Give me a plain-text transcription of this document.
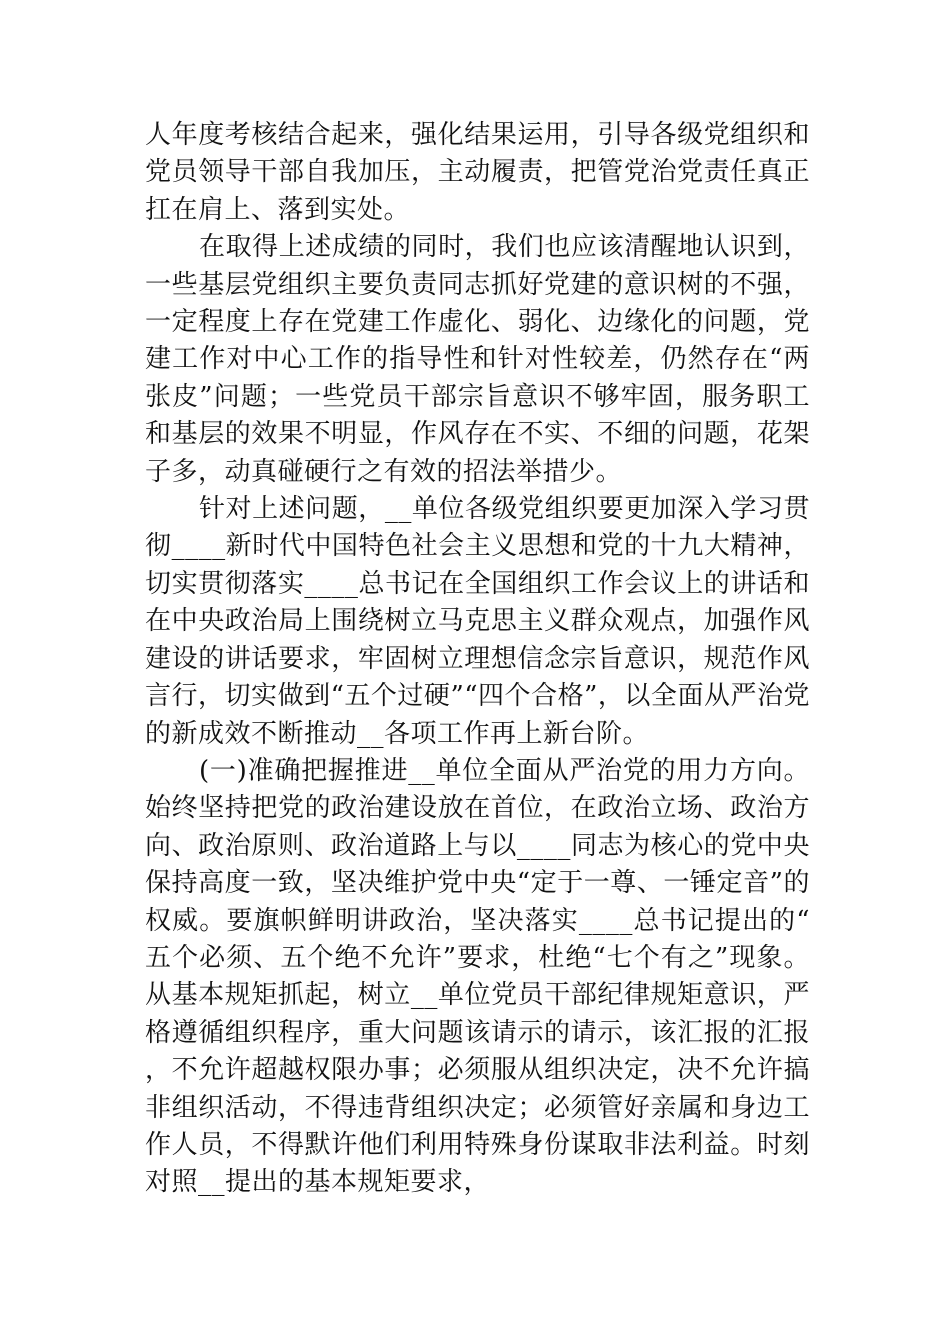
人年度考核结合起来，强化结果运用，引导各级党组织和党员领导干部自我加压，主动履责，把管党治党责任真正扛在肩上、落到实处。

在取得上述成绩的同时，我们也应该清醒地认识到，一些基层党组织主要负责同志抓好党建的意识树的不强，一定程度上存在党建工作虚化、弱化、边缘化的问题，党建工作对中心工作的指导性和针对性较差，仍然存在“两张皮”问题；一些党员干部宗旨意识不够牢固，服务职工和基层的效果不明显，作风存在不实、不细的问题，花架子多，动真碰硬行之有效的招法举措少。

针对上述问题，__单位各级党组织要更加深入学习贯彻____新时代中国特色社会主义思想和党的十九大精神，切实贯彻落实____总书记在全国组织工作会议上的讲话和在中央政治局上围绕树立马克思主义群众观点，加强作风建设的讲话要求，牢固树立理想信念宗旨意识，规范作风言行，切实做到“五个过硬”“四个合格”，以全面从严治党的新成效不断推动__各项工作再上新台阶。

(一)准确把握推进__单位全面从严治党的用力方向。始终坚持把党的政治建设放在首位，在政治立场、政治方向、政治原则、政治道路上与以____同志为核心的党中央保持高度一致，坚决维护党中央“定于一尊、一锤定音”的权威。要旗帜鲜明讲政治，坚决落实____总书记提出的“五个必须、五个绝不允许”要求，杜绝“七个有之”现象。从基本规矩抓起，树立__单位党员干部纪律规矩意识，严格遵循组织程序，重大问题该请示的请示，该汇报的汇报，不允许超越权限办事；必须服从组织决定，决不允许搞非组织活动，不得违背组织决定；必须管好亲属和身边工作人员，不得默许他们利用特殊身份谋取非法利益。时刻对照__提出的基本规矩要求，
